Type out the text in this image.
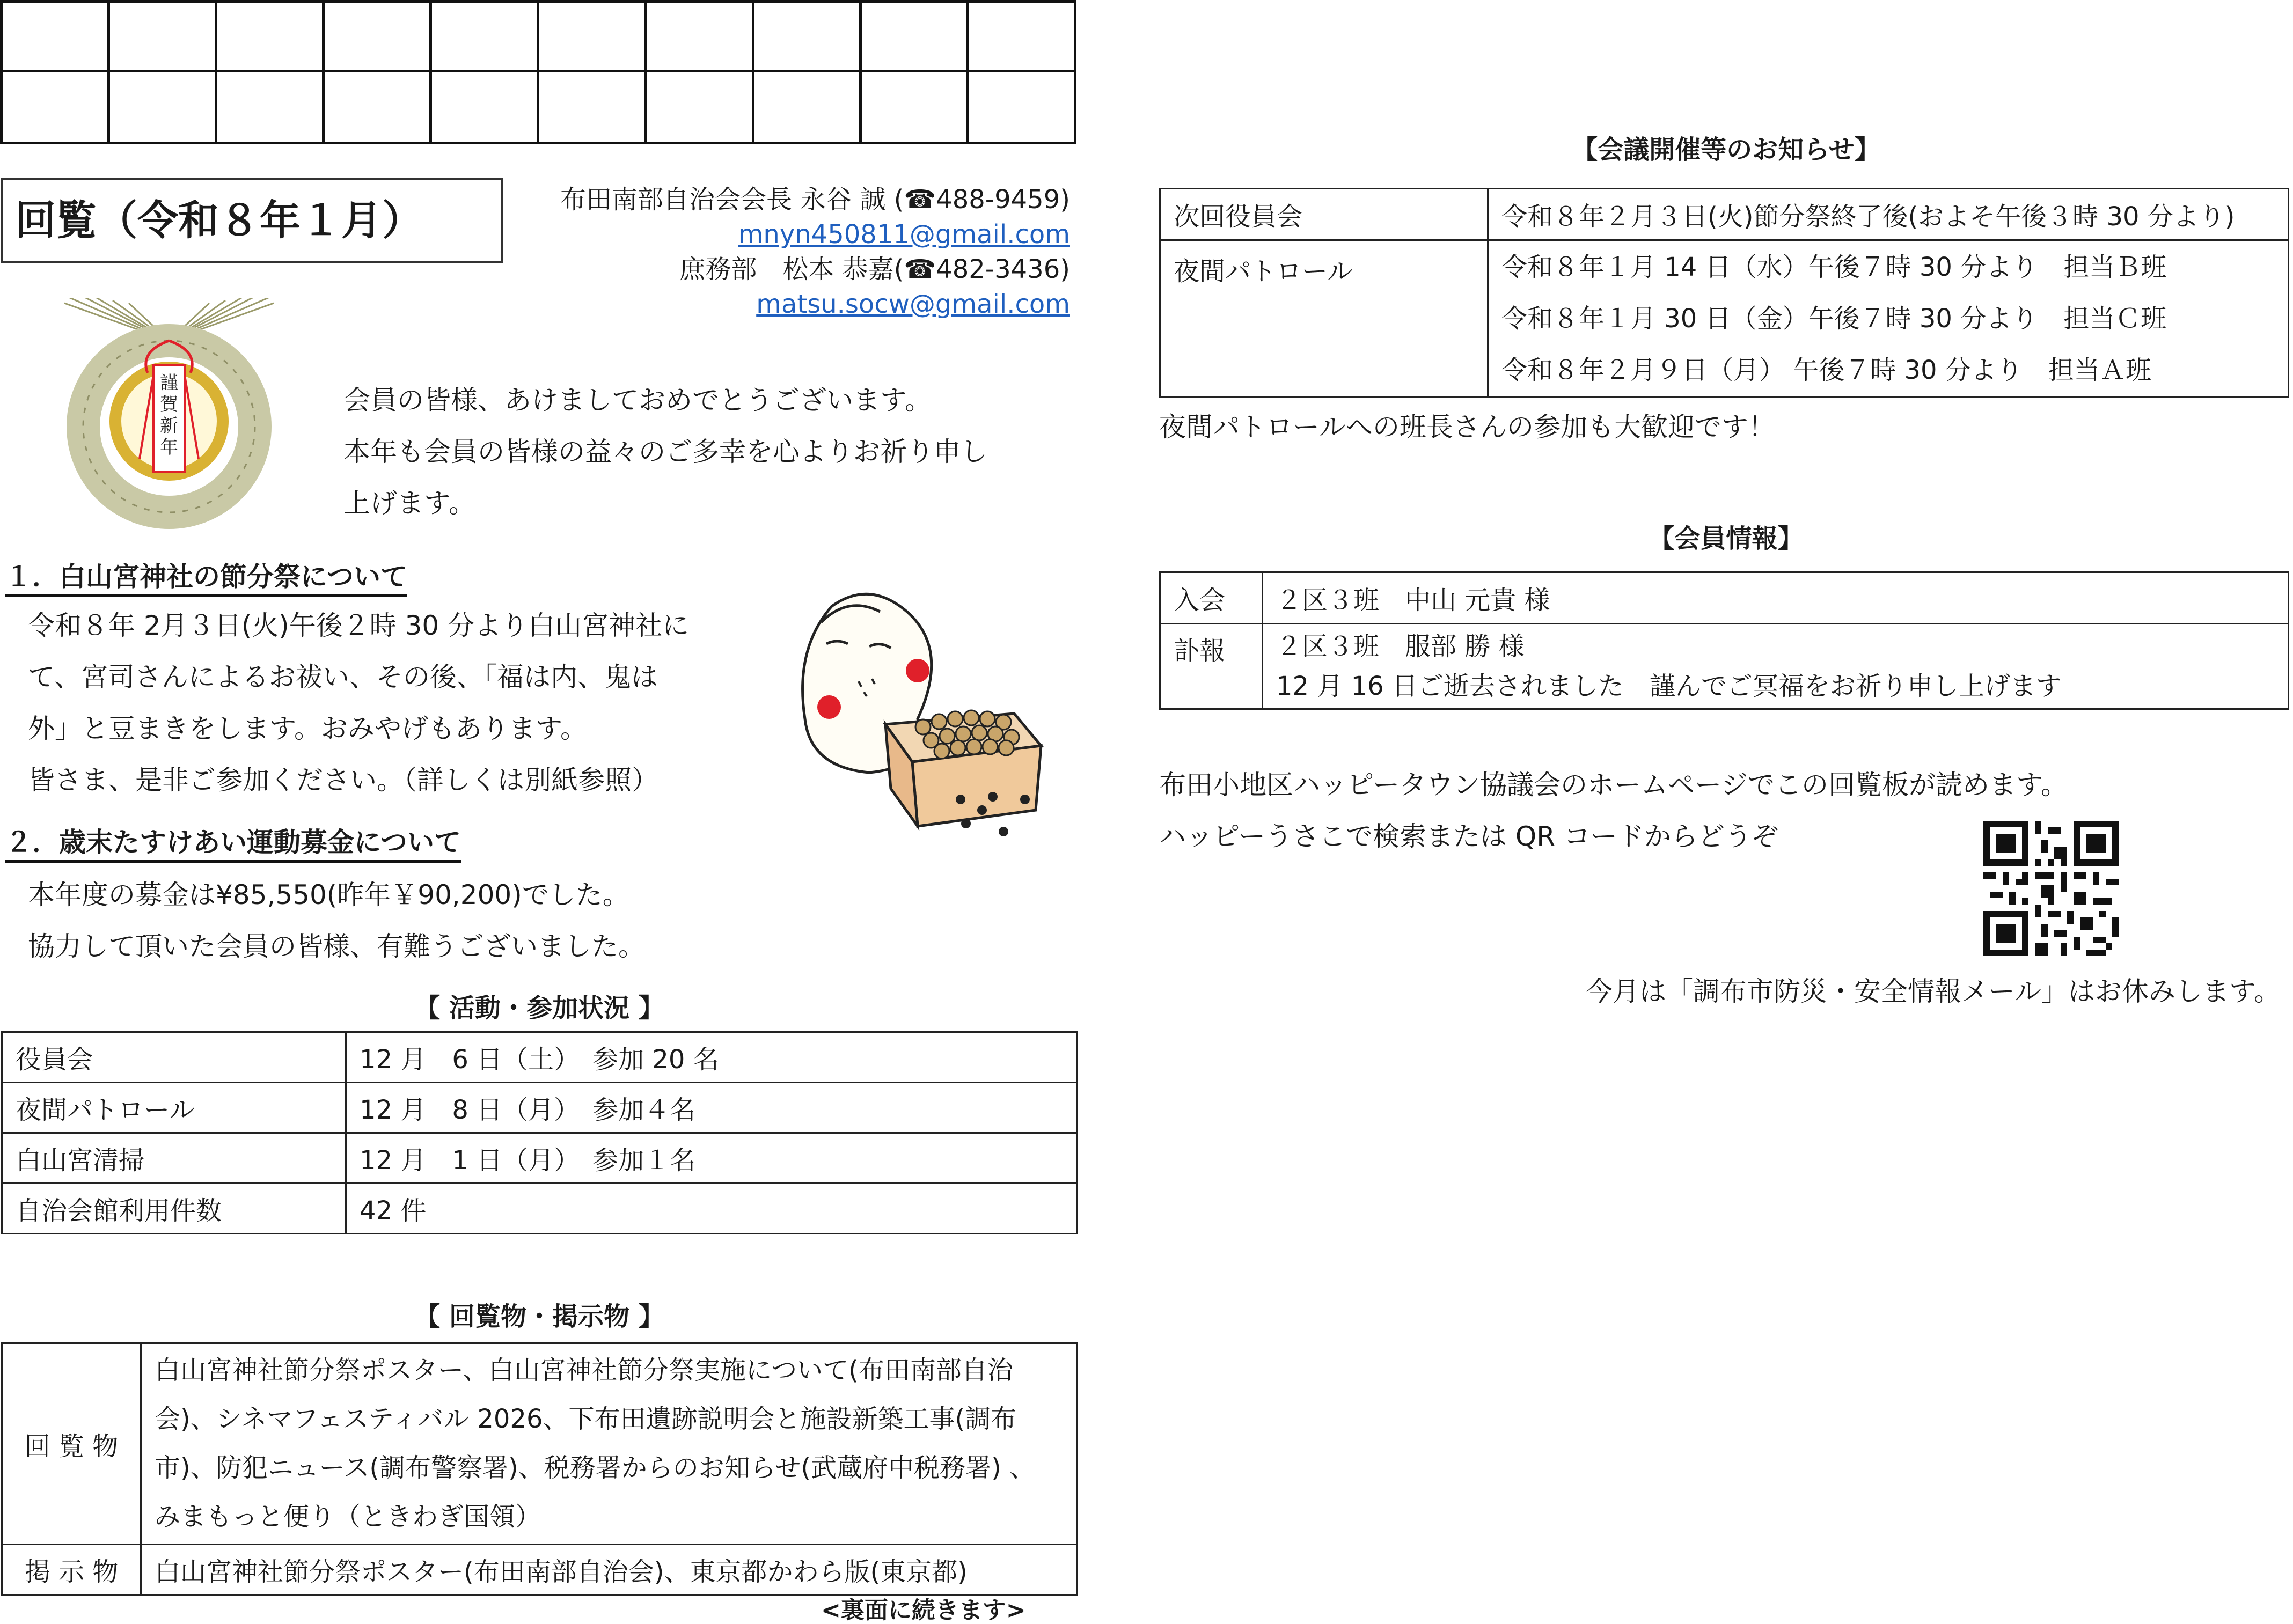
回覧（令和８年１月）	布田南部自治会会長 永谷 誠 (☎488-9459)
mnyn450811@gmail.com
庶務部　松本 恭嘉(☎482-3436)
matsu.socw@gmail.com
謹
賀
新
年
会員の皆様、あけましておめでとうございます。
本年も会員の皆様の益々のご多幸を心よりお祈り申し
上げます。
１．白山宮神社の節分祭について
令和８年 2月３日(火)午後２時 30 分より白山宮神社に
て、宮司さんによるお祓い、その後、「福は内、鬼は
外」と豆まきをします。おみやげもあります。
皆さま、是非ご参加ください。（詳しくは別紙参照）
２．歳末たすけあい運動募金について
本年度の募金は¥85,550(昨年￥90,200)でした。
協力して頂いた会員の皆様、有難うございました。
【 活動・参加状況 】
役員会	12 月　6 日（土）　参加 20 名
夜間パトロール	12 月　8 日（月）　参加４名
白山宮清掃	12 月　1 日（月）　参加１名
自治会館利用件数	42 件
【 回覧物・掲示物 】
回 覧 物	白山宮神社節分祭ポスター、白山宮神社節分祭実施について(布田南部自治
会)、シネマフェスティバル 2026、下布田遺跡説明会と施設新築工事(調布
市)、防犯ニュース(調布警察署)、税務署からのお知らせ(武蔵府中税務署) 、
みまもっと便り（ときわぎ国領）

掲 示 物	白山宮神社節分祭ポスター(布田南部自治会)、東京都かわら版(東京都)
<裏面に続きます>
【会議開催等のお知らせ】
次回役員会	令和８年２月３日(火)節分祭終了後(およそ午後３時 30 分より)
夜間パトロール	令和８年１月 14 日（水）午後７時 30 分より　担当Ｂ班
令和８年１月 30 日（金）午後７時 30 分より　担当Ｃ班
令和８年２月９日（月） 午後７時 30 分より　担当Ａ班
夜間パトロールへの班長さんの参加も大歓迎です！
【会員情報】
入会	２区３班　中山 元貴 様
訃報	２区３班　服部 勝 様
12 月 16 日ご逝去されました　謹んでご冥福をお祈り申し上げます
布田小地区ハッピータウン協議会のホームページでこの回覧板が読めます。
ハッピーうさこで検索または QR コードからどうぞ
今月は「調布市防災・安全情報メール」はお休みします。
